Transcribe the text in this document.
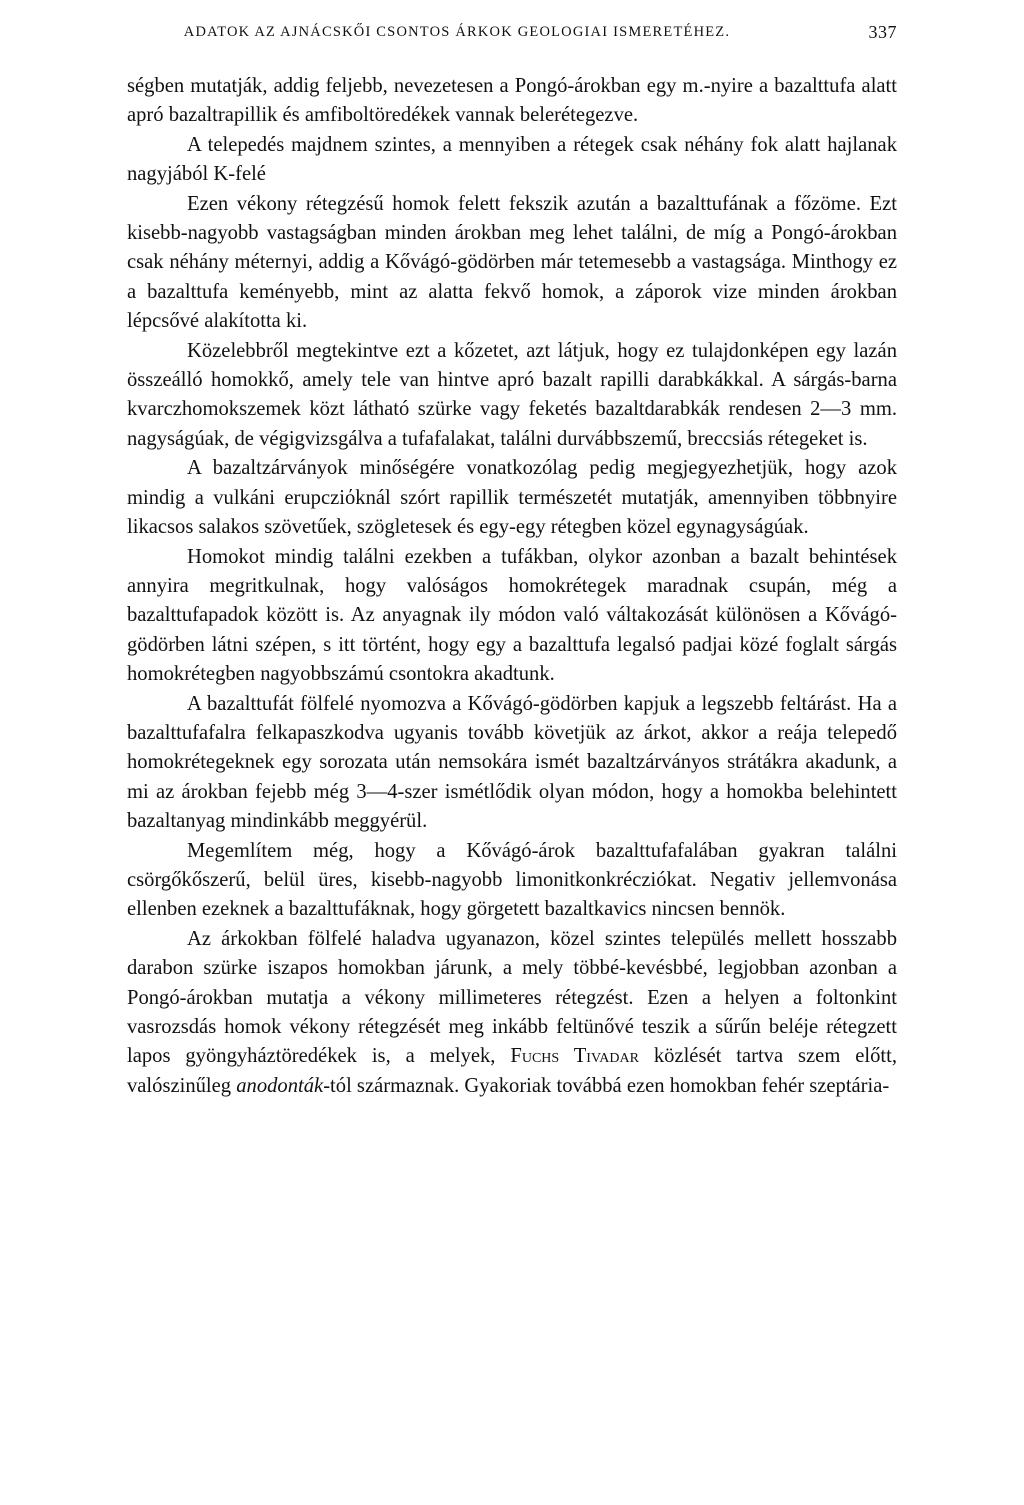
ADATOK AZ AJNÁCSKŐI CSONTOS ÁRKOK GEOLOGIAI ISMERETÉHEZ.	337

ségben mutatják, addig feljebb, nevezetesen a Pongó-árokban egy m.-nyire a bazalttufa alatt apró bazaltrapillik és amfiboltöredékek vannak belerétegezve.

A telepedés majdnem szintes, a mennyiben a rétegek csak néhány fok alatt hajlanak nagyjából K-felé

Ezen vékony rétegzésű homok felett fekszik azután a bazalttufának a főzöme. Ezt kisebb-nagyobb vastagságban minden árokban meg lehet találni, de míg a Pongó-árokban csak néhány méternyi, addig a Kővágó-gödörben már tetemesebb a vastagsága. Minthogy ez a bazalttufa keményebb, mint az alatta fekvő homok, a záporok vize minden árokban lépcsővé alakította ki.

Közelebbről megtekintve ezt a kőzetet, azt látjuk, hogy ez tulajdonképen egy lazán összeálló homokkő, amely tele van hintve apró bazalt rapilli darabkákkal. A sárgás-barna kvarczhomokszemek közt látható szürke vagy feketés bazaltdarabkák rendesen 2—3 mm. nagyságúak, de végigvizsgálva a tufafalakat, találni durvábbszemű, breccsiás rétegeket is.

A bazaltzárványok minőségére vonatkozólag pedig megjegyezhetjük, hogy azok mindig a vulkáni erupcziόknál szórt rapillik természetét mutatják, amennyiben többnyire likacsos salakos szövetűek, szögletesek és egy-egy rétegben közel egynagyságúak.

Homokot mindig találni ezekben a tufákban, olykor azonban a bazalt behintések annyira megritkulnak, hogy valóságos homokrétegek maradnak csupán, még a bazalttufapadok között is. Az anyagnak ily módon való váltakozását különösen a Kővágó-gödörben látni szépen, s itt történt, hogy egy a bazalttufa legalsó padjai közé foglalt sárgás homokrétegben nagyobbszámú csontokra akadtunk.

A bazalttufát fölfelé nyomozva a Kővágó-gödörben kapjuk a legszebb feltárást. Ha a bazalttufafalra felkapaszkodva ugyanis tovább követjük az árkot, akkor a reája telepedő homokrétegeknek egy sorozata után nemsokára ismét bazaltzárványos strátákra akadunk, a mi az árokban fejebb még 3—4-szer ismétlődik olyan módon, hogy a homokba belehintett bazaltanyag mindinkább meggyérül.

Megemlítem még, hogy a Kővágó-árok bazalttufafalában gyakran találni csörgőkőszerű, belül üres, kisebb-nagyobb limonitkonkrécziókat. Negativ jellemvonása ellenben ezeknek a bazalttufáknak, hogy görgetett bazaltkavics nincsen bennök.

Az árkokban fölfelé haladva ugyanazon, közel szintes település mellett hosszabb darabon szürke iszapos homokban járunk, a mely többé-kevésbbé, legjobban azonban a Pongó-árokban mutatja a vékony millimeteres rétegzést. Ezen a helyen a foltonkint vasrozsdás homok vékony rétegzését meg inkább feltünővé teszik a sűrűn beléje rétegzett lapos gyöngyháztöredékek is, a melyek, Fuchs Tivadar közlését tartva szem előtt, valószinűleg anodonták-tól származnak. Gyakoriak továbbá ezen homokban fehér szeptária-
